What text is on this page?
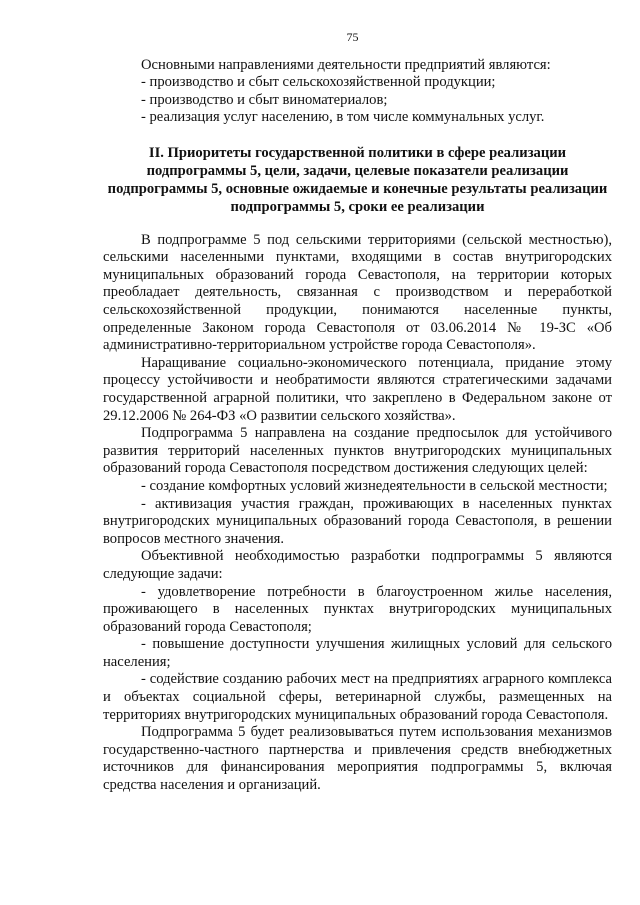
75

Основными направлениями деятельности предприятий являются:

- производство и сбыт сельскохозяйственной продукции;

- производство и сбыт виноматериалов;

- реализация услуг населению, в том числе коммунальных услуг.

II. Приоритеты государственной политики в сфере реализации подпрограммы 5, цели, задачи, целевые показатели реализации подпрограммы 5, основные ожидаемые и конечные результаты реализации подпрограммы 5, сроки ее реализации

В подпрограмме 5 под сельскими территориями (сельской местностью), сельскими населенными пунктами, входящими в состав внутригородских муниципальных образований города Севастополя, на территории которых преобладает деятельность, связанная с производством и переработкой сельскохозяйственной продукции, понимаются населенные пункты, определенные Законом города Севастополя от 03.06.2014 № 19-ЗС «Об административно-территориальном устройстве города Севастополя».

Наращивание социально-экономического потенциала, придание этому процессу устойчивости и необратимости являются стратегическими задачами государственной аграрной политики, что закреплено в Федеральном законе от 29.12.2006 № 264-ФЗ «О развитии сельского хозяйства».

Подпрограмма 5 направлена на создание предпосылок для устойчивого развития территорий населенных пунктов внутригородских муниципальных образований города Севастополя посредством достижения следующих целей:

- создание комфортных условий жизнедеятельности в сельской местности;

- активизация участия граждан, проживающих в населенных пунктах внутригородских муниципальных образований города Севастополя, в решении вопросов местного значения.

Объективной необходимостью разработки подпрограммы 5 являются следующие задачи:

- удовлетворение потребности в благоустроенном жилье населения, проживающего в населенных пунктах внутригородских муниципальных образований города Севастополя;

- повышение доступности улучшения жилищных условий для сельского населения;

- содействие созданию рабочих мест на предприятиях аграрного комплекса и объектах социальной сферы, ветеринарной службы, размещенных на территориях внутригородских муниципальных образований города Севастополя.

Подпрограмма 5 будет реализовываться путем использования механизмов государственно-частного партнерства и привлечения средств внебюджетных источников для финансирования мероприятия подпрограммы 5, включая средства населения и организаций.
